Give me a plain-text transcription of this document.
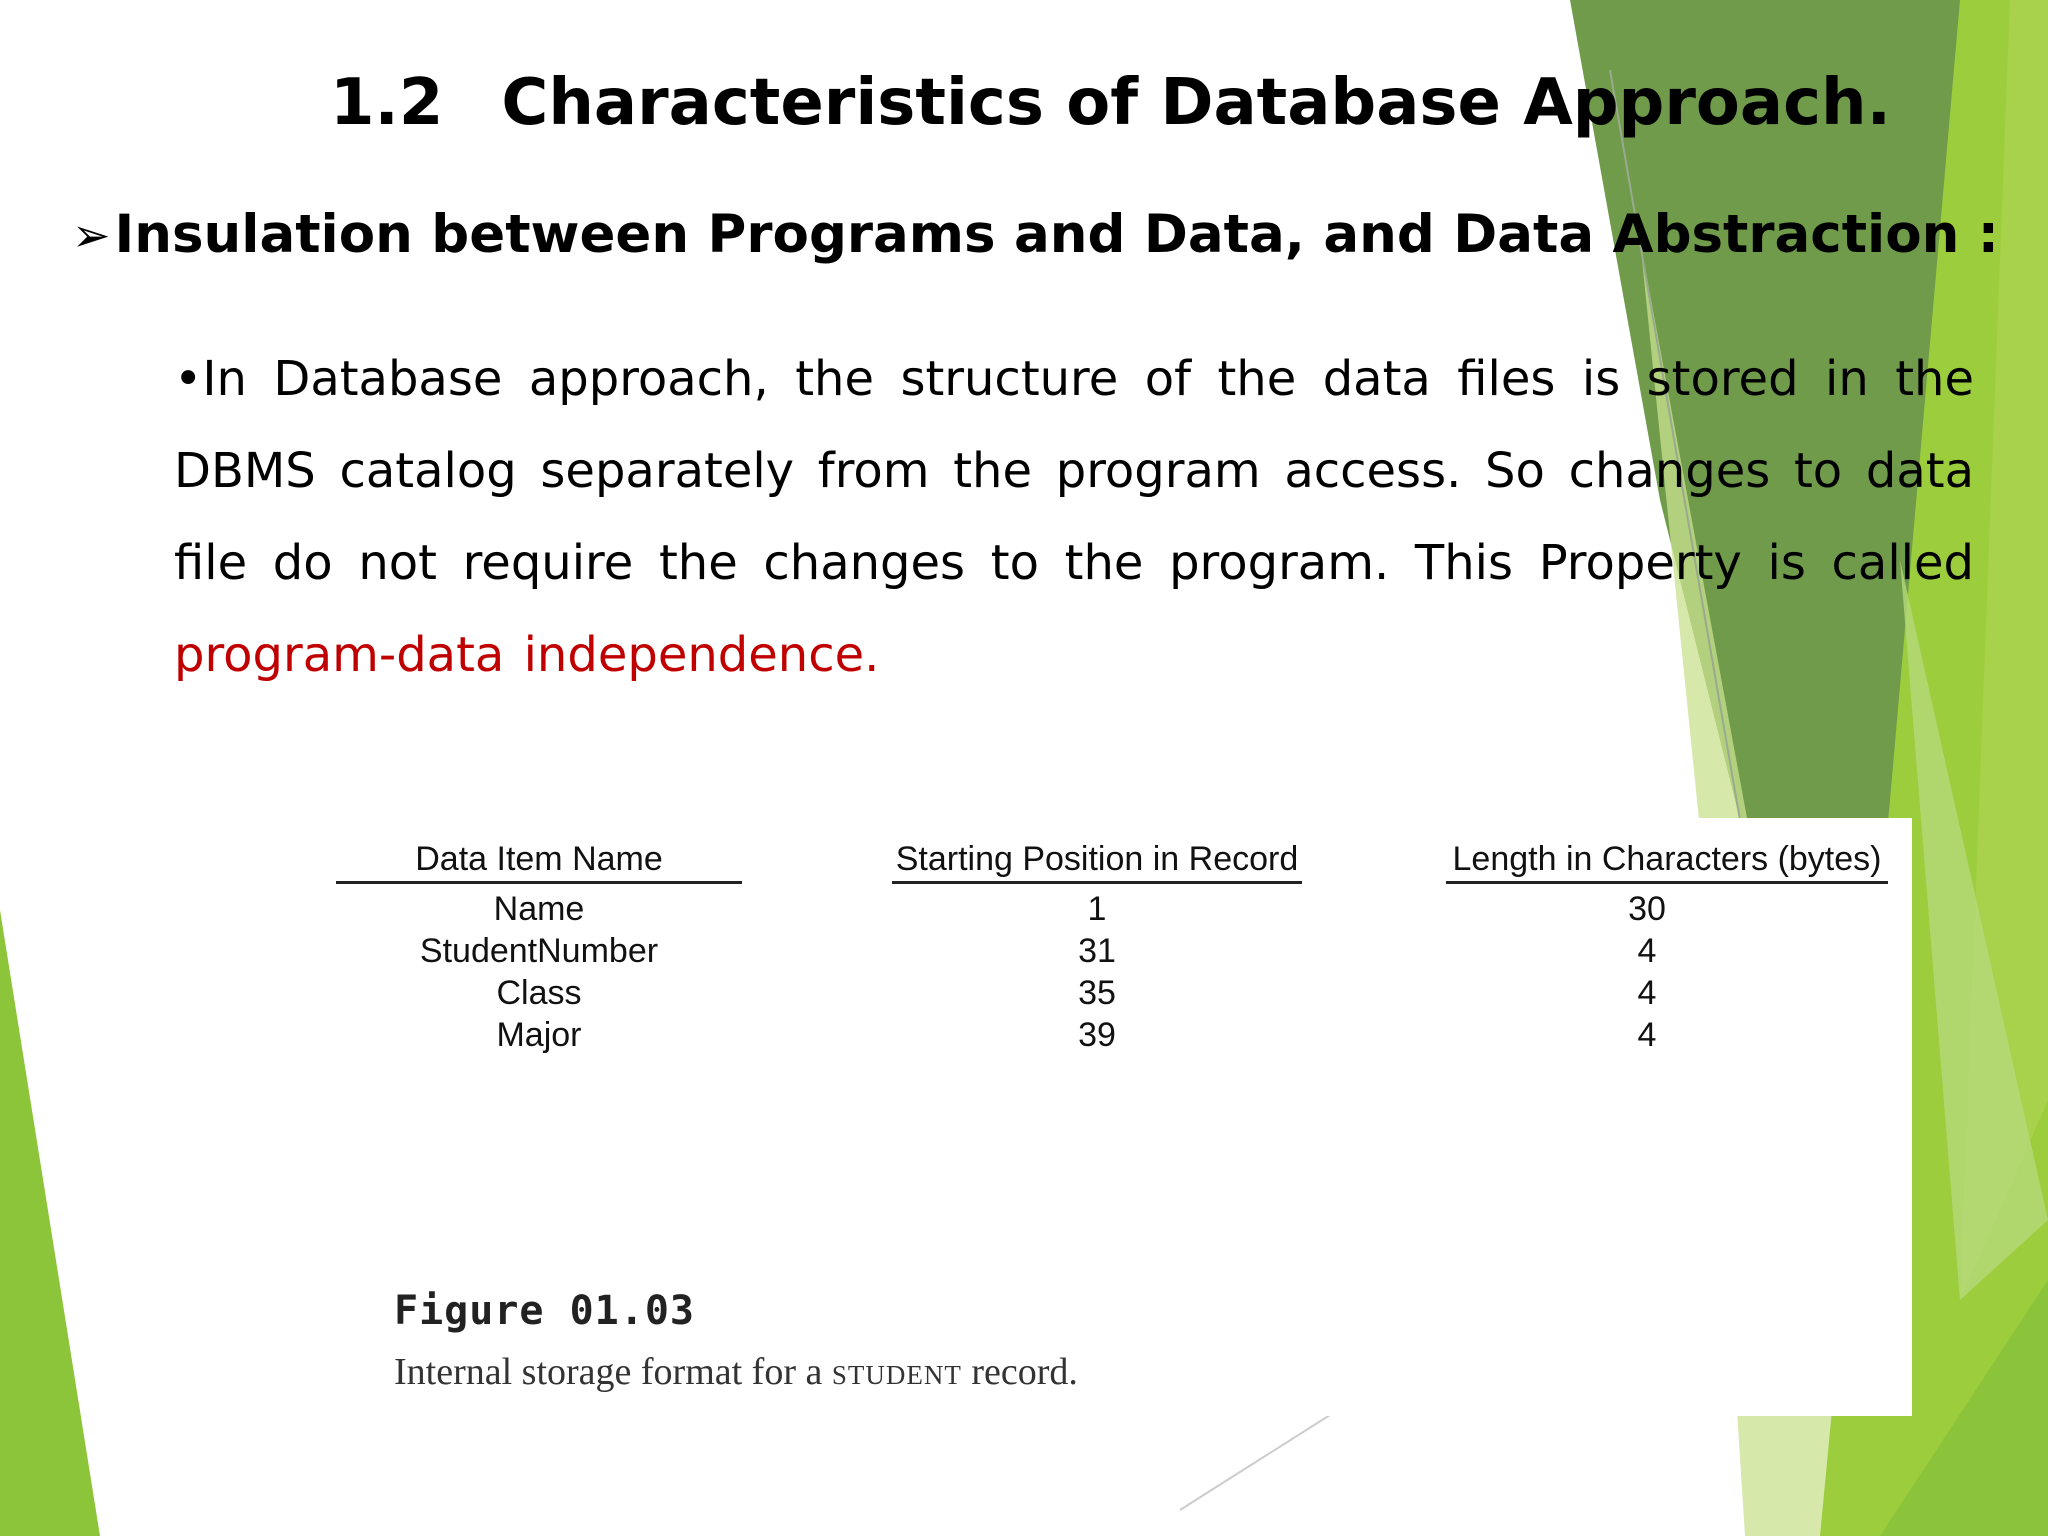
1.2 Characteristics of Database Approach.
➢ Insulation between Programs and Data, and Data Abstraction :
•In Database approach, the structure of the data files is stored in the DBMS catalog separately from the program access. So changes to data file do not require the changes to the program. This Property is called program-data independence.
Data Item Name
Name
StudentNumber
Class
Major
Starting Position in Record
1
31
35
39
Length in Characters (bytes)
30
4
4
4
Figure 01.03
Internal storage format for a STUDENT record.
